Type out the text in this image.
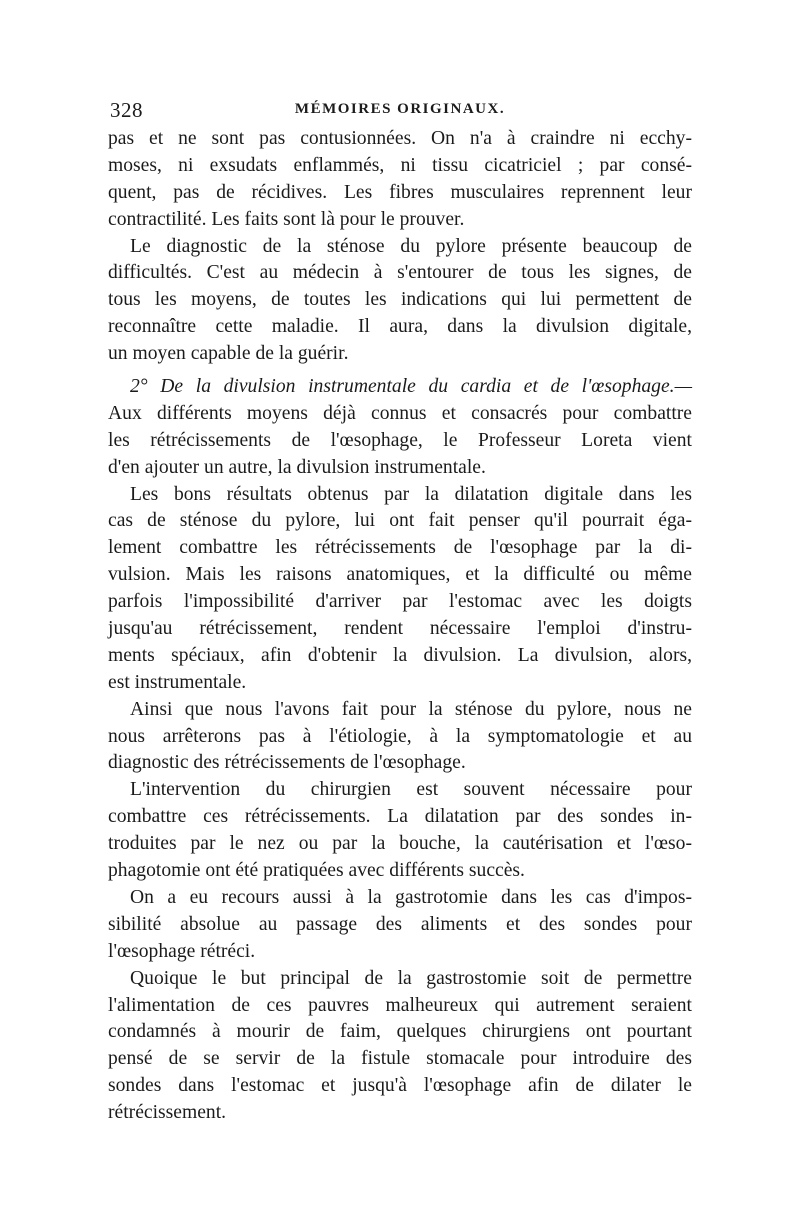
328	MÉMOIRES ORIGINAUX.
pas et ne sont pas contusionnées. On n'a à craindre ni ecchy-
moses, ni exsudats enflammés, ni tissu cicatriciel ; par consé-
quent, pas de récidives. Les fibres musculaires reprennent leur
contractilité. Les faits sont là pour le prouver.
Le diagnostic de la sténose du pylore présente beaucoup de
difficultés. C'est au médecin à s'entourer de tous les signes, de
tous les moyens, de toutes les indications qui lui permettent de
reconnaître cette maladie. Il aura, dans la divulsion digitale,
un moyen capable de la guérir.
2° De la divulsion instrumentale du cardia et de l'œsophage.—
Aux différents moyens déjà connus et consacrés pour combattre
les rétrécissements de l'œsophage, le Professeur Loreta vient
d'en ajouter un autre, la divulsion instrumentale.
Les bons résultats obtenus par la dilatation digitale dans les
cas de sténose du pylore, lui ont fait penser qu'il pourrait éga-
lement combattre les rétrécissements de l'œsophage par la di-
vulsion. Mais les raisons anatomiques, et la difficulté ou même
parfois l'impossibilité d'arriver par l'estomac avec les doigts
jusqu'au rétrécissement, rendent nécessaire l'emploi d'instru-
ments spéciaux, afin d'obtenir la divulsion. La divulsion, alors,
est instrumentale.
Ainsi que nous l'avons fait pour la sténose du pylore, nous ne
nous arrêterons pas à l'étiologie, à la symptomatologie et au
diagnostic des rétrécissements de l'œsophage.
L'intervention du chirurgien est souvent nécessaire pour
combattre ces rétrécissements. La dilatation par des sondes in-
troduites par le nez ou par la bouche, la cautérisation et l'œso-
phagotomie ont été pratiquées avec différents succès.
On a eu recours aussi à la gastrotomie dans les cas d'impos-
sibilité absolue au passage des aliments et des sondes pour
l'œsophage rétréci.
Quoique le but principal de la gastrostomie soit de permettre
l'alimentation de ces pauvres malheureux qui autrement seraient
condamnés à mourir de faim, quelques chirurgiens ont pourtant
pensé de se servir de la fistule stomacale pour introduire des
sondes dans l'estomac et jusqu'à l'œsophage afin de dilater le
rétrécissement.
